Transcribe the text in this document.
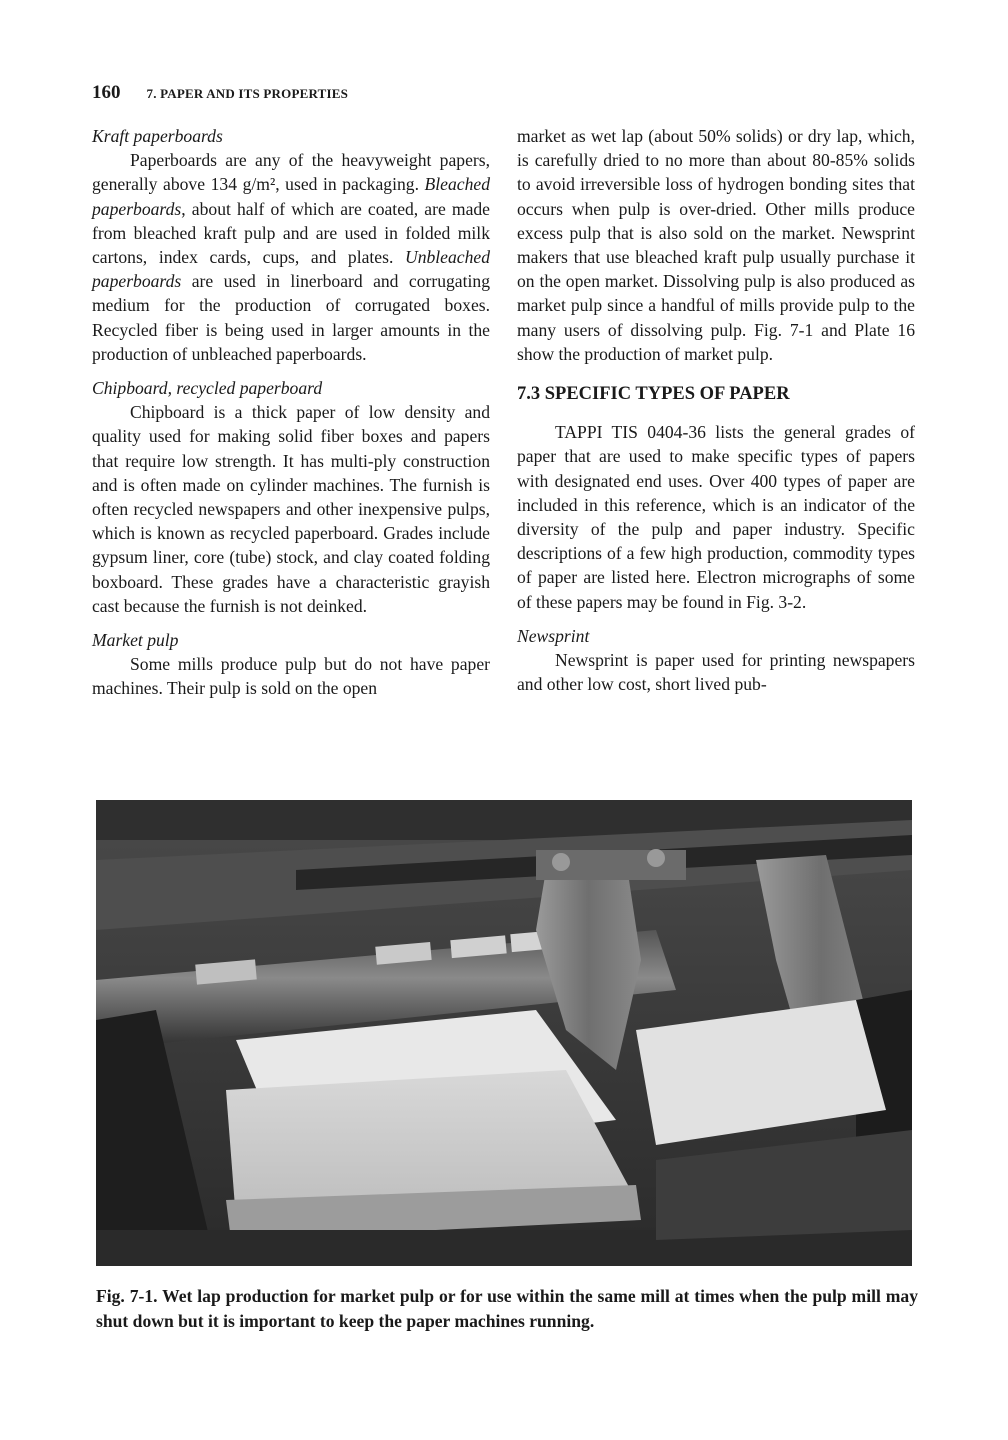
160 7. PAPER AND ITS PROPERTIES
Kraft paperboards

Paperboards are any of the heavyweight papers, generally above 134 g/m², used in packaging. Bleached paperboards, about half of which are coated, are made from bleached kraft pulp and are used in folded milk cartons, index cards, cups, and plates. Unbleached paperboards are used in linerboard and corrugating medium for the production of corrugated boxes. Recycled fiber is being used in larger amounts in the production of unbleached paperboards.

Chipboard, recycled paperboard

Chipboard is a thick paper of low density and quality used for making solid fiber boxes and papers that require low strength. It has multi-ply construction and is often made on cylinder machines. The furnish is often recycled newspapers and other inexpensive pulps, which is known as recycled paperboard. Grades include gypsum liner, core (tube) stock, and clay coated folding boxboard. These grades have a characteristic grayish cast because the furnish is not deinked.

Market pulp

Some mills produce pulp but do not have paper machines. Their pulp is sold on the open

market as wet lap (about 50% solids) or dry lap, which, is carefully dried to no more than about 80-85% solids to avoid irreversible loss of hydrogen bonding sites that occurs when pulp is over-dried. Other mills produce excess pulp that is also sold on the market. Newsprint makers that use bleached kraft pulp usually purchase it on the open market. Dissolving pulp is also produced as market pulp since a handful of mills provide pulp to the many users of dissolving pulp. Fig. 7-1 and Plate 16 show the production of market pulp.

7.3 SPECIFIC TYPES OF PAPER

TAPPI TIS 0404-36 lists the general grades of paper that are used to make specific types of papers with designated end uses. Over 400 types of paper are included in this reference, which is an indicator of the diversity of the pulp and paper industry. Specific descriptions of a few high production, commodity types of paper are listed here. Electron micrographs of some of these papers may be found in Fig. 3-2.

Newsprint

Newsprint is paper used for printing newspapers and other low cost, short lived pub-

Fig. 7-1. Wet lap production for market pulp or for use within the same mill at times when the pulp mill may shut down but it is important to keep the paper machines running.
